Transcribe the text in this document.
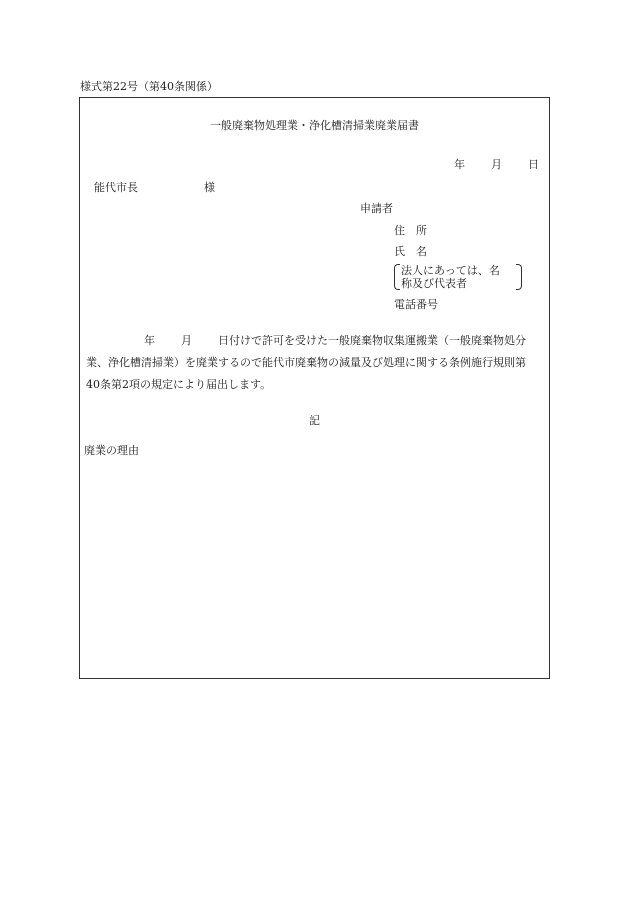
様式第22号（第40条関係）
一般廃棄物処理業・浄化槽清掃業廃業届書
年 月 日
能代市長	様
申請者
住　所
氏　名
法人にあっては、名
称及び代表者
電話番号
年 月 日付けで許可を受けた一般廃棄物収集運搬業（一般廃棄物処分
業、浄化槽清掃業）を廃業するので能代市廃棄物の減量及び処理に関する条例施行規則第
40条第2項の規定により届出します。
記
廃業の理由
